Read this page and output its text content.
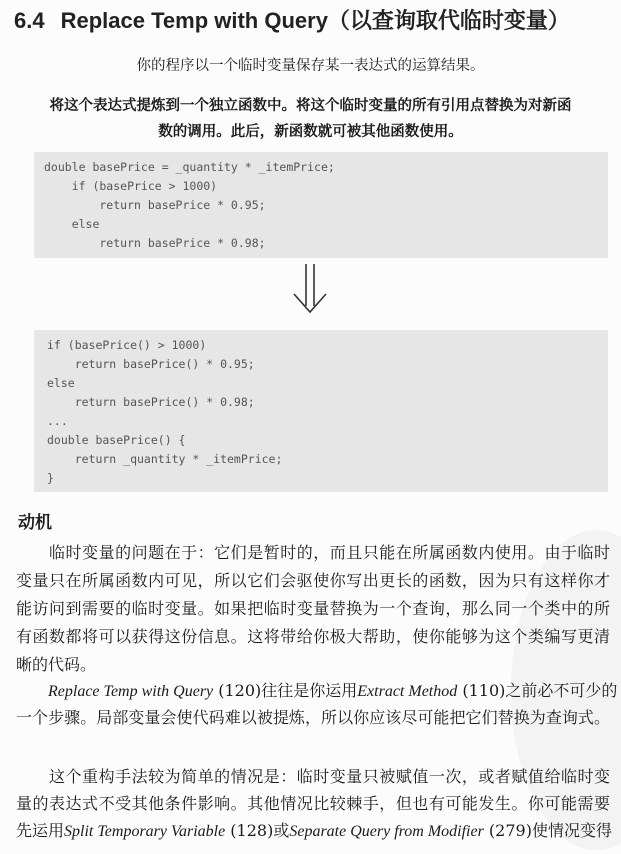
6.4 Replace Temp with Query（以查询取代临时变量）
你的程序以一个临时变量保存某一表达式的运算结果。
将这个表达式提炼到一个独立函数中。将这个临时变量的所有引用点替换为对新函
数的调用。此后，新函数就可被其他函数使用。
double basePrice = _quantity * _itemPrice;
if (basePrice > 1000)
return basePrice * 0.95;
else
return basePrice * 0.98;
if (basePrice() > 1000)
return basePrice() * 0.95;
else
return basePrice() * 0.98;
...
double basePrice() {
return _quantity * _itemPrice;
}
动机
　　临时变量的问题在于：它们是暂时的，而且只能在所属函数内使用。由于临时
变量只在所属函数内可见，所以它们会驱使你写出更长的函数，因为只有这样你才
能访问到需要的临时变量。如果把临时变量替换为一个查询，那么同一个类中的所
有函数都将可以获得这份信息。这将带给你极大帮助，使你能够为这个类编写更清
晰的代码。
Replace Temp with Query (120)往往是你运用Extract Method (110)之前必不可少的
一个步骤。局部变量会使代码难以被提炼，所以你应该尽可能把它们替换为查询式。
　　这个重构手法较为简单的情况是：临时变量只被赋值一次，或者赋值给临时变
量的表达式不受其他条件影响。其他情况比较棘手，但也有可能发生。你可能需要
先运用Split Temporary Variable (128)或Separate Query from Modifier (279)使情况变得
